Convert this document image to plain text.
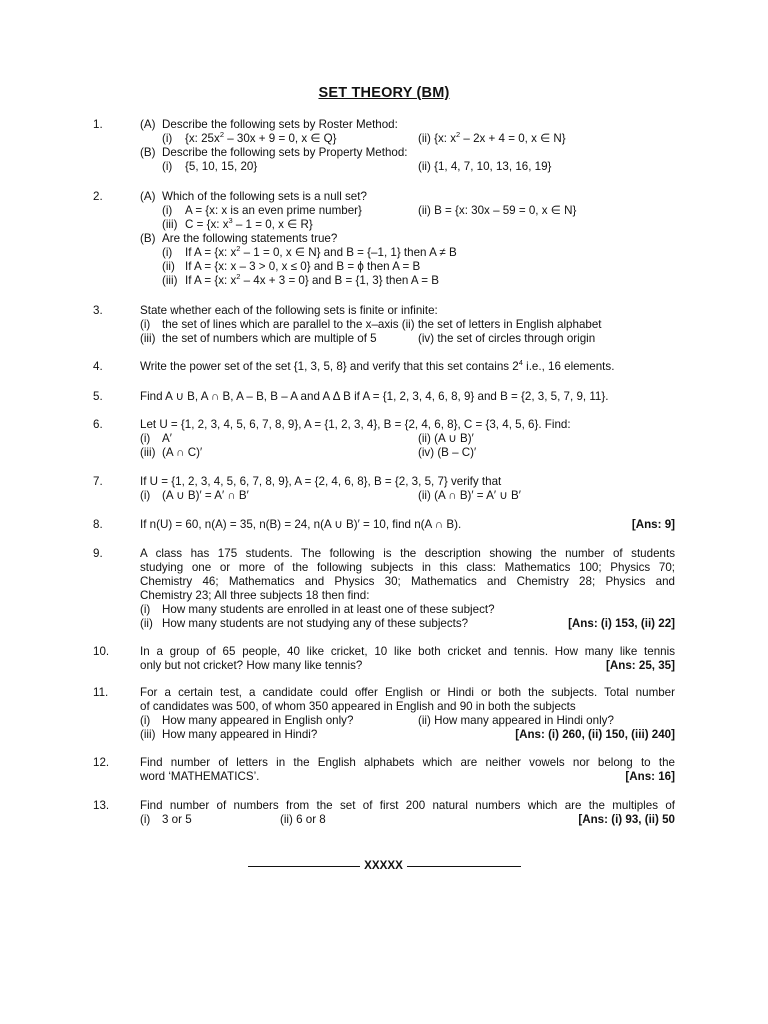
SET THEORY (BM)
1.	(A) Describe the following sets by Roster Method:
(i) {x: $25x^2 - 30x + 9 = 0$, x ∈ Q}	(ii) {x: $x^2 - 2x + 4 = 0$, x ∈ N}
(B) Describe the following sets by Property Method:
(i) {5, 10, 15, 20}	(ii) {1, 4, 7, 10, 13, 16, 19}
2.	(A) Which of the following sets is a null set?
(i) A = {x: x is an even prime number}	(ii) B = {x: 30x – 59 = 0, x ∈ N}
(iii) C = {x: $x^3 - 1 = 0$, x ∈ R}
(B) Are the following statements true?
(i) If A = {x: $x^2 - 1 = 0$, x ∈ N} and B = {–1, 1} then A ≠ B
(ii) If A = {x: x – 3 > 0, x ≤ 0} and B = ϕ then A = B
(iii) If A = {x: $x^2 - 4x + 3 = 0$} and B = {1, 3} then A = B
3.	State whether each of the following sets is finite or infinite:
(i) the set of lines which are parallel to the x–axis (ii) the set of letters in English alphabet
(iii) the set of numbers which are multiple of 5	(iv) the set of circles through origin
4.	Write the power set of the set {1, 3, 5, 8} and verify that this set contains $2^4$ i.e., 16 elements.
5.	Find A ∪ B, A ∩ B, A – B, B – A and A Δ B if A = {1, 2, 3, 4, 6, 8, 9} and B = {2, 3, 5, 7, 9, 11}.
6.	Let U = {1, 2, 3, 4, 5, 6, 7, 8, 9}, A = {1, 2, 3, 4}, B = {2, 4, 6, 8}, C = {3, 4, 5, 6}. Find:
(i) A′	(ii) (A ∪ B)′
(iii) (A ∩ C)′	(iv) (B – C)′
7.	If U = {1, 2, 3, 4, 5, 6, 7, 8, 9}, A = {2, 4, 6, 8}, B = {2, 3, 5, 7} verify that
(i) (A ∪ B)′ = A′ ∩ B′	(ii) (A ∩ B)′ = A′ ∪ B′
8.	If n(U) = 60, n(A) = 35, n(B) = 24, n(A ∪ B)′ = 10, find n(A ∩ B).	[Ans: 9]
9.	A class has 175 students. The following is the description showing the number of students
studying one or more of the following subjects in this class: Mathematics 100; Physics 70;
Chemistry 46; Mathematics and Physics 30; Mathematics and Chemistry 28; Physics and
Chemistry 23; All three subjects 18 then find:
(i) How many students are enrolled in at least one of these subject?
(ii) How many students are not studying any of these subjects?	[Ans: (i) 153, (ii) 22]
10.	In a group of 65 people, 40 like cricket, 10 like both cricket and tennis. How many like tennis
only but not cricket? How many like tennis?	[Ans: 25, 35]
11.	For a certain test, a candidate could offer English or Hindi or both the subjects. Total number
of candidates was 500, of whom 350 appeared in English and 90 in both the subjects
(i) How many appeared in English only?	(ii) How many appeared in Hindi only?
(iii) How many appeared in Hindi?	[Ans: (i) 260, (ii) 150, (iii) 240]
12.	Find number of letters in the English alphabets which are neither vowels nor belong to the
word ‘MATHEMATICS’.	[Ans: 16]
13.	Find number of numbers from the set of first 200 natural numbers which are the multiples of
(i) 3 or 5	(ii) 6 or 8	[Ans: (i) 93, (ii) 50
XXXXX
